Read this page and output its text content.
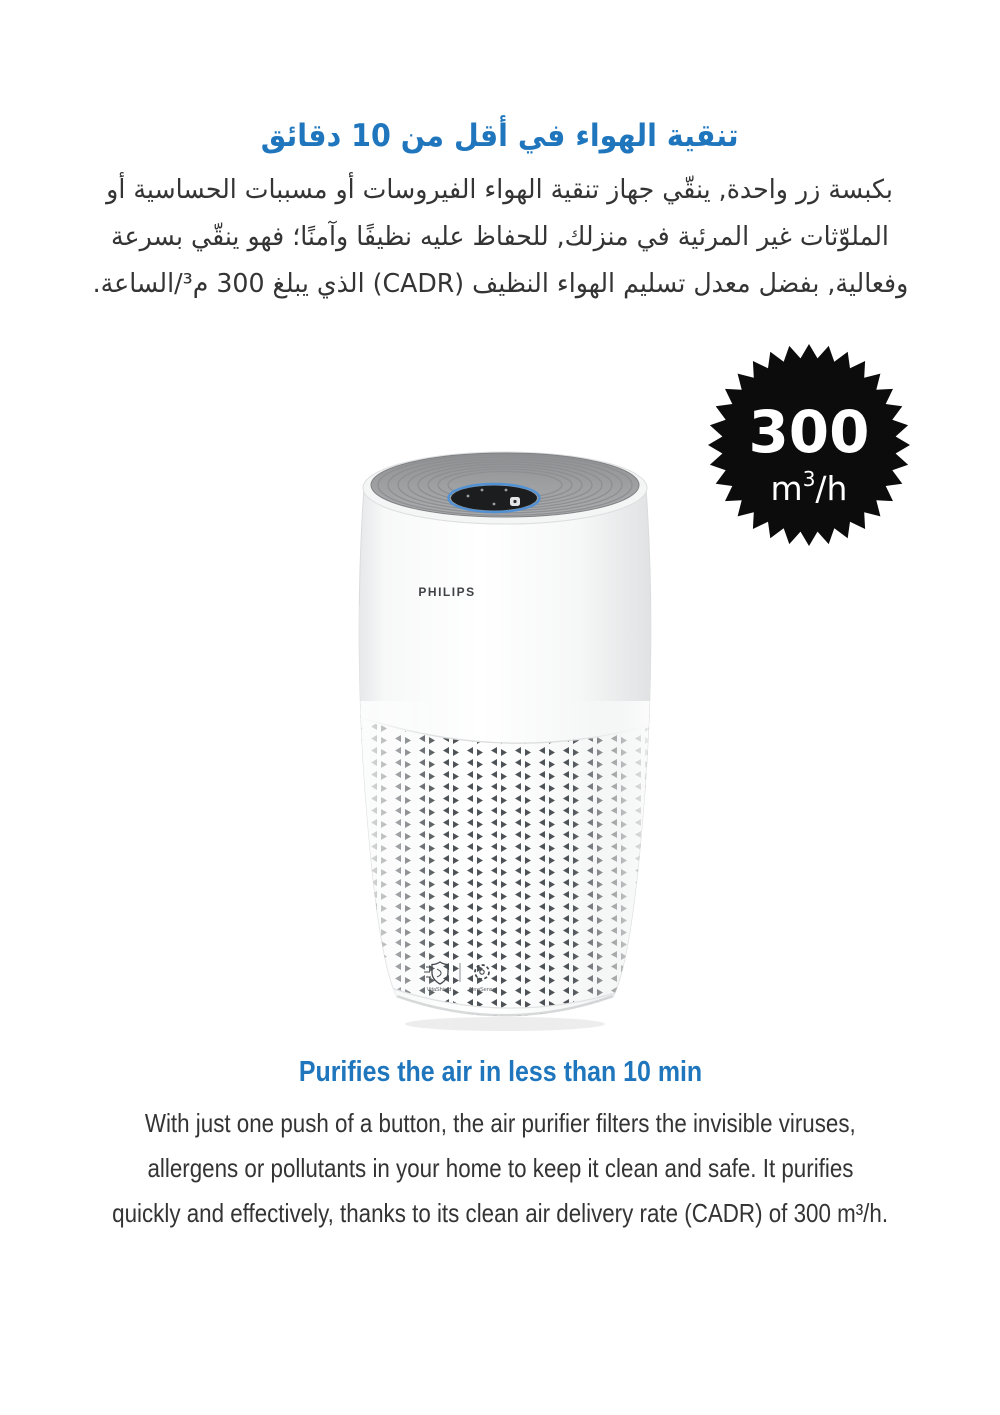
تنقية الهواء في أقل من 10 دقائق
بكبسة زر واحدة, ينقّي جهاز تنقية الهواء الفيروسات أو مسببات الحساسية أو
الملوّثات غير المرئية في منزلك, للحفاظ عليه نظيفًا وآمنًا؛ فهو ينقّي بسرعة
وفعالية, بفضل معدل تسليم الهواء النظيف (CADR) الذي يبلغ 300 م³/الساعة.
300
$m^3/h$
PHILIPS
VitaShield	AeraSense
Purifies the air in less than 10 min
With just one push of a button, the air purifier filters the invisible viruses,
allergens or pollutants in your home to keep it clean and safe. It purifies
quickly and effectively, thanks to its clean air delivery rate (CADR) of 300 m³/h.
